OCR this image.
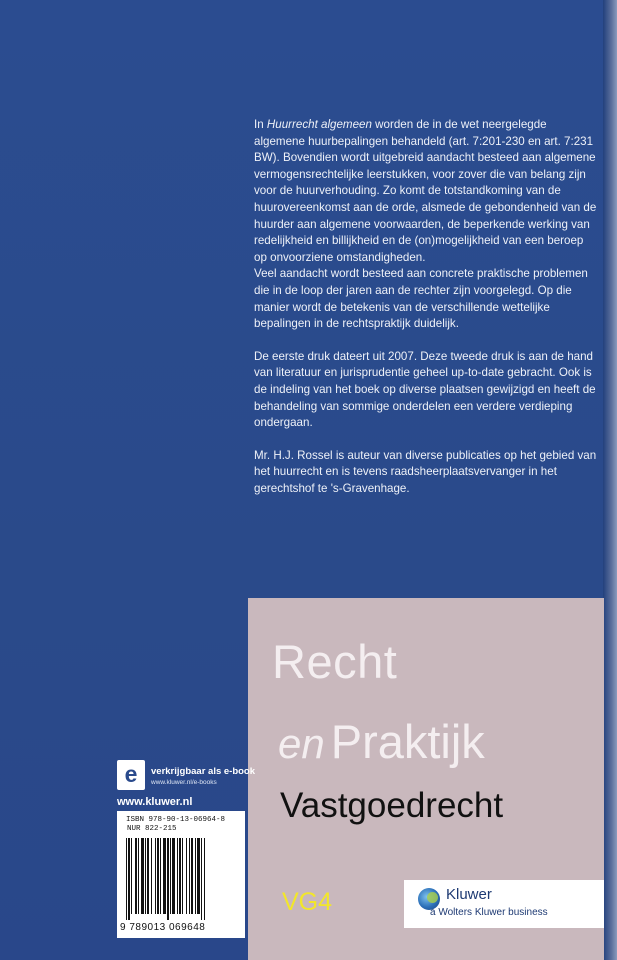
In Huurrecht algemeen worden de in de wet neergelegde algemene huurbepalingen behandeld (art. 7:201-230 en art. 7:231 BW). Bovendien wordt uitgebreid aandacht besteed aan algemene vermogensrechtelijke leerstukken, voor zover die van belang zijn voor de huurverhouding. Zo komt de totstandkoming van de huurovereenkomst aan de orde, alsmede de gebondenheid van de huurder aan algemene voorwaarden, de beperkende werking van redelijkheid en billijkheid en de (on)mogelijkheid van een beroep op onvoorziene omstandigheden.

Veel aandacht wordt besteed aan concrete praktische problemen die in de loop der jaren aan de rechter zijn voorgelegd. Op die manier wordt de betekenis van de verschillende wettelijke bepalingen in de rechtspraktijk duidelijk.

De eerste druk dateert uit 2007. Deze tweede druk is aan de hand van literatuur en jurisprudentie geheel up-to-date gebracht. Ook is de indeling van het boek op diverse plaatsen gewijzigd en heeft de behandeling van sommige onderdelen een verdere verdieping ondergaan.

Mr. H.J. Rossel is auteur van diverse publicaties op het gebied van het huurrecht en is tevens raadsheerplaatsvervanger in het gerechtshof te 's-Gravenhage.

Recht
en Praktijk
Vastgoedrecht
VG4	Kluwer
a Wolters Kluwer business
e	verkrijgbaar als e-book
www.kluwer.nl/e-books
www.kluwer.nl
ISBN 978-90-13-06964-8
NUR 822-215
9 789013 069648
